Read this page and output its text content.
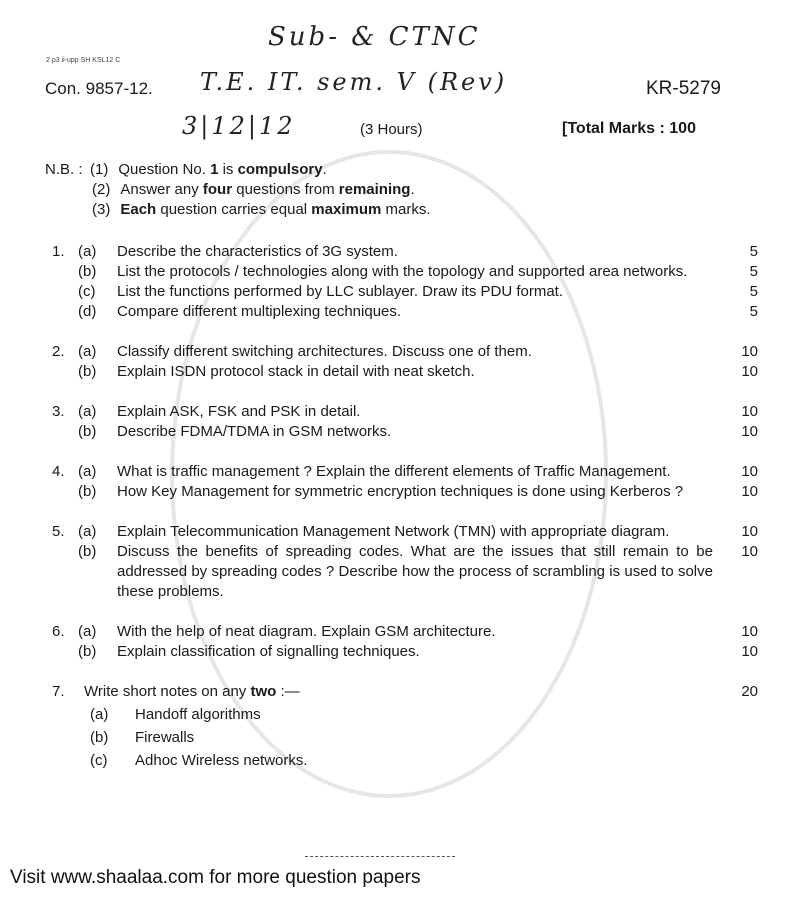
Sub- & CTNC
2 p3 ii-upp SH KSL12 C
Con. 9857-12. T.E. IT. sem. V (Rev)	KR-5279
3|12|12	(3 Hours)	[Total Marks : 100
N.B. : (1) Question No. 1 is compulsory.
(2) Answer any four questions from remaining.
(3) Each question carries equal maximum marks.
1. (a) Describe the characteristics of 3G system.	5
(b) List the protocols / technologies along with the topology and supported area networks.	5
(c) List the functions performed by LLC sublayer. Draw its PDU format.	5
(d) Compare different multiplexing techniques.	5
2. (a) Classify different switching architectures. Discuss one of them.	10
(b) Explain ISDN protocol stack in detail with neat sketch.	10
3. (a) Explain ASK, FSK and PSK in detail.	10
(b) Describe FDMA/TDMA in GSM networks.	10
4. (a) What is traffic management ? Explain the different elements of Traffic Management.	10
(b) How Key Management for symmetric encryption techniques is done using Kerberos ?	10
5. (a) Explain Telecommunication Management Network (TMN) with appropriate diagram.	10
(b) Discuss the benefits of spreading codes. What are the issues that still remain to be addressed by spreading codes ? Describe how the process of scrambling is used to solve these problems.
10
6. (a) With the help of neat diagram. Explain GSM architecture.	10
(b) Explain classification of signalling techniques.	10
7. Write short notes on any two :—	20
(a) Handoff algorithms
(b) Firewalls
(c) Adhoc Wireless networks.
Visit www.shaalaa.com for more question papers
